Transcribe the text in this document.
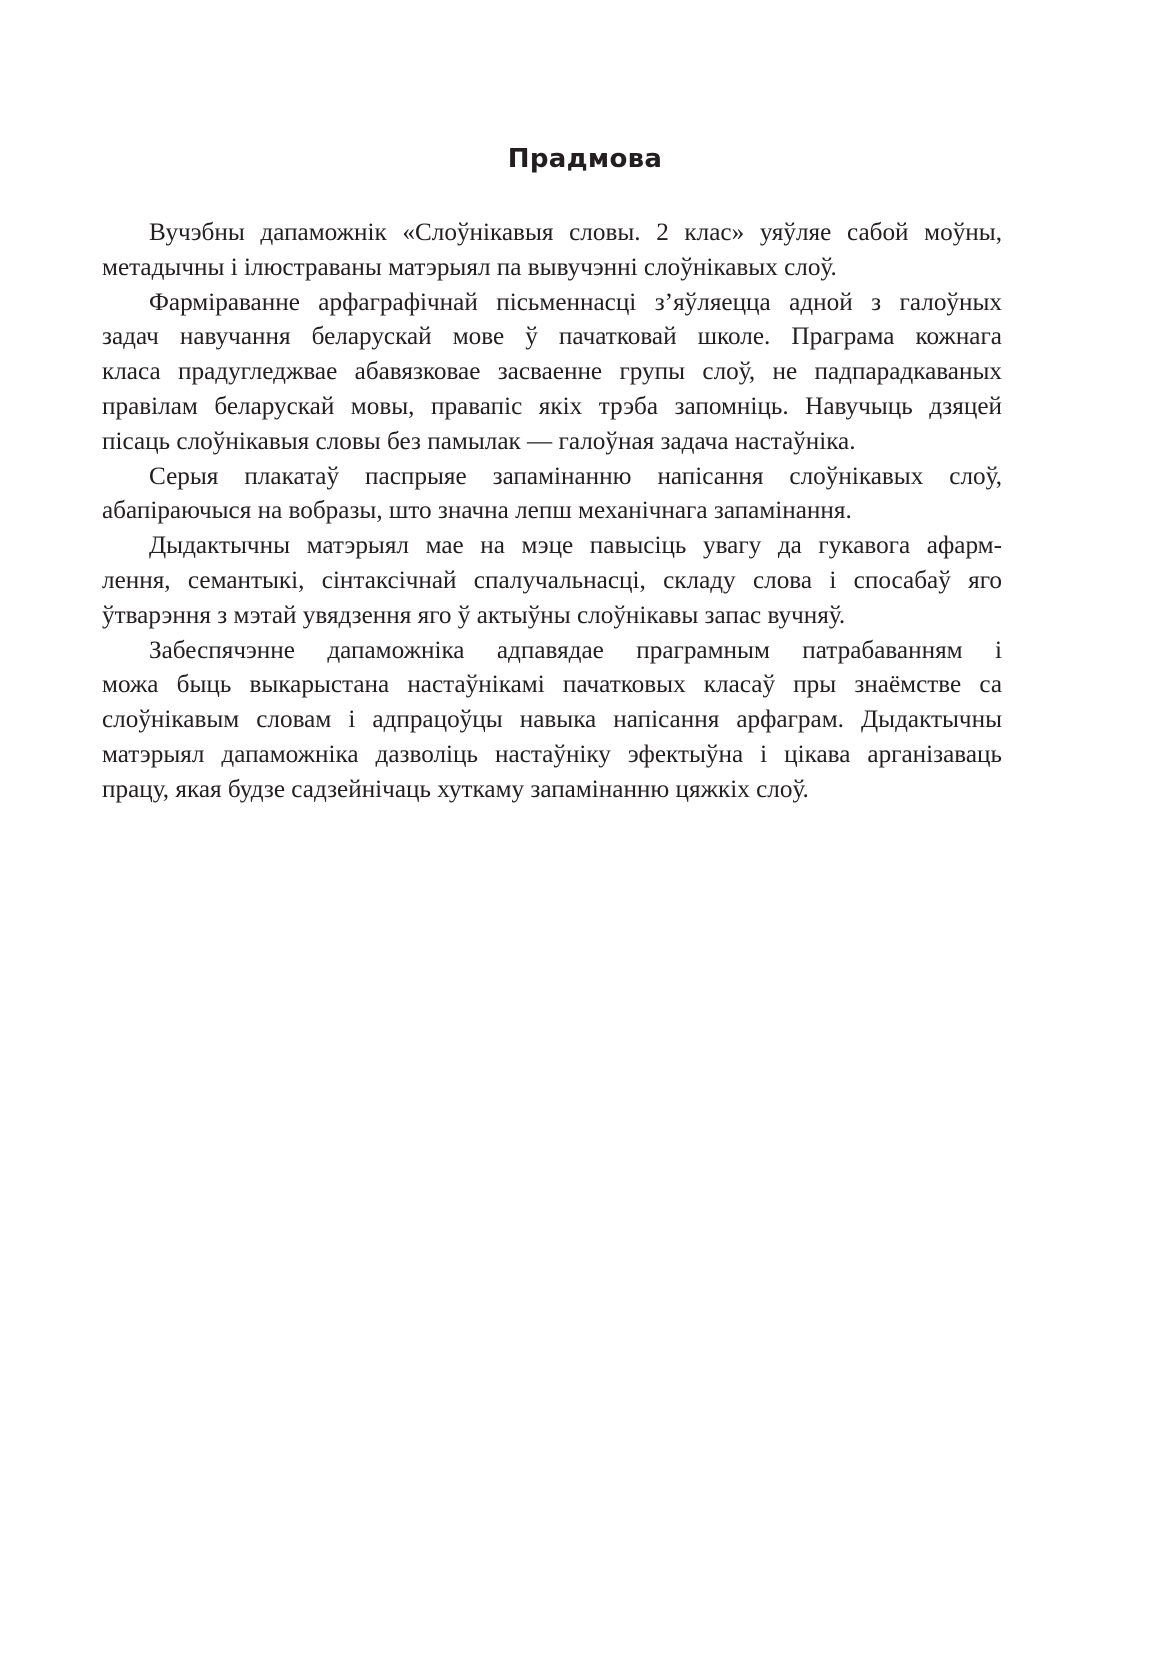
Прадмова

Вучэбны дапаможнік «Слоўнікавыя словы. 2 клас» уяўляе сабой моўны,
метадычны і ілюстраваны матэрыял па вывучэнні слоўнікавых слоў.

Фарміраванне арфаграфічнай пісьменнасці з’яўляецца адной з галоўных
задач навучання беларускай мове ў пачатковай школе. Праграма кожнага
класа прадугледжвае абавязковае засваенне групы слоў, не падпарадкаваных
правілам беларускай мовы, правапіс якіх трэба запомніць. Навучыць дзяцей
пісаць слоўнікавыя словы без памылак — галоўная задача настаўніка.

Серыя плакатаў паспрыяе запамінанню напісання слоўнікавых слоў,
абапіраючыся на вобразы, што значна лепш механічнага запамінання.

Дыдактычны матэрыял мае на мэце павысіць увагу да гукавога афарм-
лення, семантыкі, сінтаксічнай спалучальнасці, складу слова і спосабаў яго
ўтварэння з мэтай увядзення яго ў актыўны слоўнікавы запас вучняў.

Забеспячэнне дапаможніка адпавядае праграмным патрабаванням і
можа быць выкарыстана настаўнікамі пачатковых класаў пры знаёмстве са
слоўнікавым словам і адпрацоўцы навыка напісання арфаграм. Дыдактычны
матэрыял дапаможніка дазволіць настаўніку эфектыўна і цікава арганізаваць
працу, якая будзе садзейнічаць хуткаму запамінанню цяжкіх слоў.
